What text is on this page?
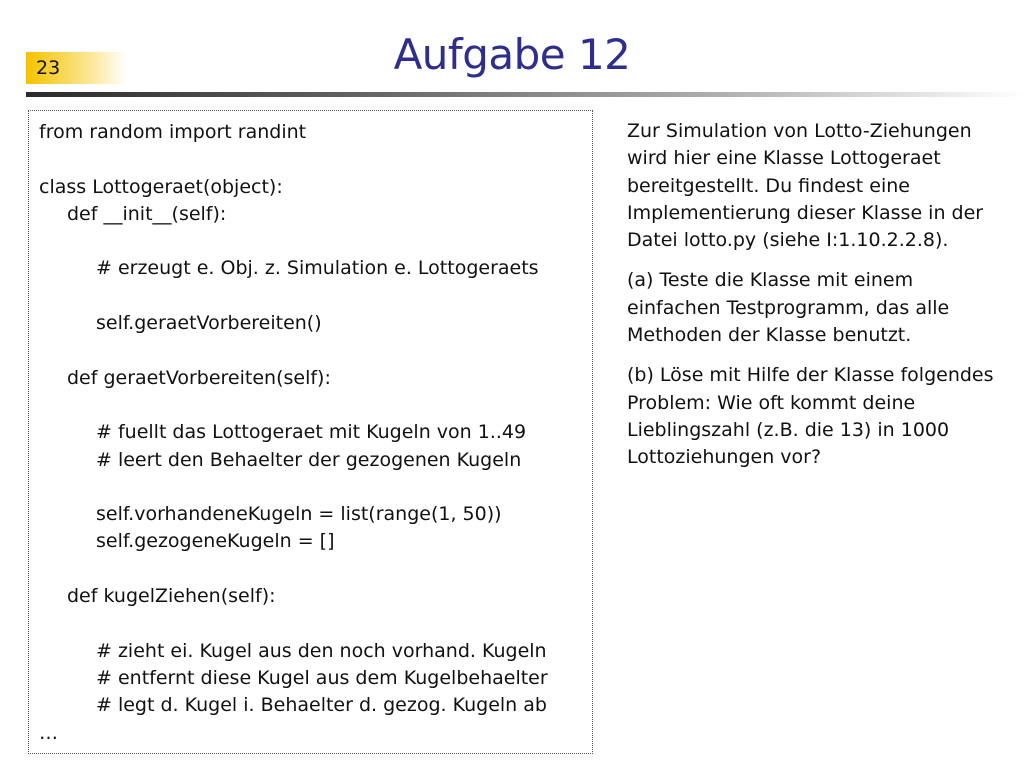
23	Aufgabe 12
from random import randint
class Lottogeraet(object):
def __init__(self):
# erzeugt e. Obj. z. Simulation e. Lottogeraets
self.geraetVorbereiten()
def geraetVorbereiten(self):
# fuellt das Lottogeraet mit Kugeln von 1..49
# leert den Behaelter der gezogenen Kugeln
self.vorhandeneKugeln = list(range(1, 50))
self.gezogeneKugeln = []
def kugelZiehen(self):
# zieht ei. Kugel aus den noch vorhand. Kugeln
# entfernt diese Kugel aus dem Kugelbehaelter
# legt d. Kugel i. Behaelter d. gezog. Kugeln ab
…

Zur Simulation von Lotto-Ziehungen wird hier eine Klasse Lottogeraet bereitgestellt. Du findest eine Implementierung dieser Klasse in der Datei lotto.py (siehe I:1.10.2.2.8).

(a) Teste die Klasse mit einem einfachen Testprogramm, das alle Methoden der Klasse benutzt.

(b) Löse mit Hilfe der Klasse folgendes Problem: Wie oft kommt deine Lieblingszahl (z.B. die 13) in 1000 Lottoziehungen vor?
